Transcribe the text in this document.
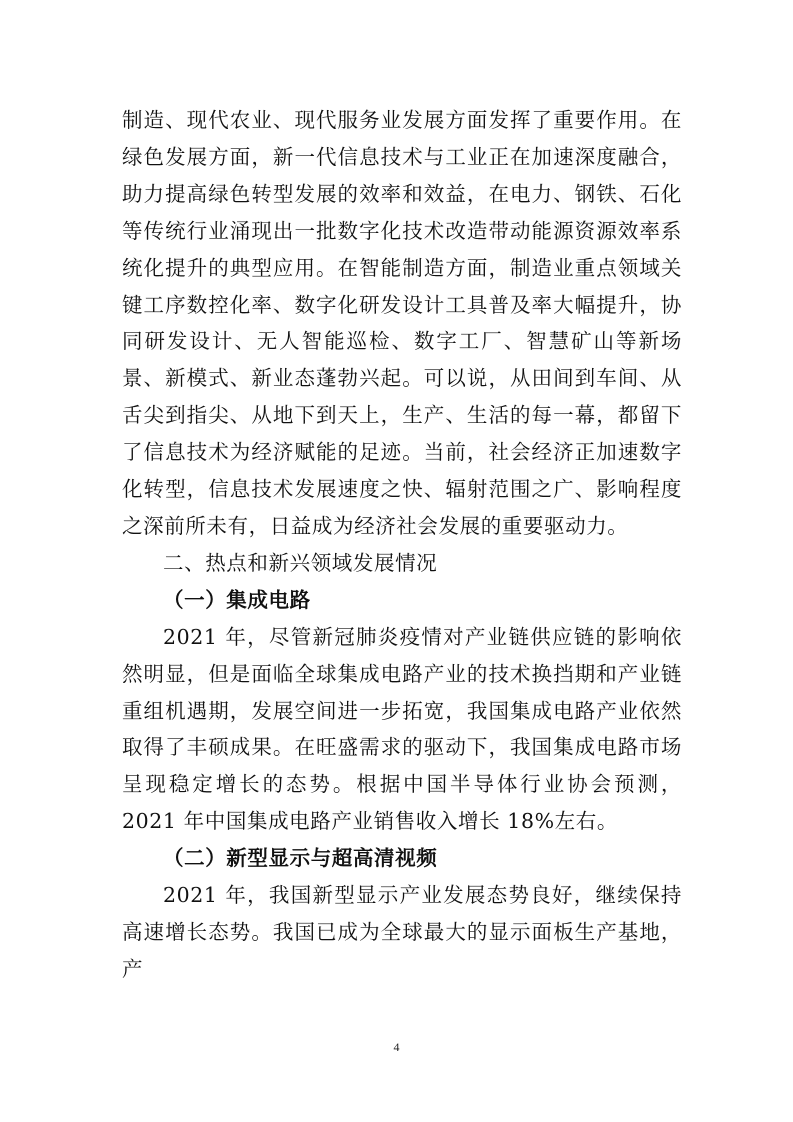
制造、现代农业、现代服务业发展方面发挥了重要作用。在绿色发展方面，新一代信息技术与工业正在加速深度融合，助力提高绿色转型发展的效率和效益，在电力、钢铁、石化等传统行业涌现出一批数字化技术改造带动能源资源效率系统化提升的典型应用。在智能制造方面，制造业重点领域关键工序数控化率、数字化研发设计工具普及率大幅提升，协同研发设计、无人智能巡检、数字工厂、智慧矿山等新场景、新模式、新业态蓬勃兴起。可以说，从田间到车间、从舌尖到指尖、从地下到天上，生产、生活的每一幕，都留下了信息技术为经济赋能的足迹。当前，社会经济正加速数字化转型，信息技术发展速度之快、辐射范围之广、影响程度之深前所未有，日益成为经济社会发展的重要驱动力。

二、热点和新兴领域发展情况

（一）集成电路

2021 年，尽管新冠肺炎疫情对产业链供应链的影响依然明显，但是面临全球集成电路产业的技术换挡期和产业链重组机遇期，发展空间进一步拓宽，我国集成电路产业依然取得了丰硕成果。在旺盛需求的驱动下，我国集成电路市场呈现稳定增长的态势。根据中国半导体行业协会预测，2021 年中国集成电路产业销售收入增长 18%左右。

（二）新型显示与超高清视频

2021 年，我国新型显示产业发展态势良好，继续保持高速增长态势。我国已成为全球最大的显示面板生产基地，产

4
